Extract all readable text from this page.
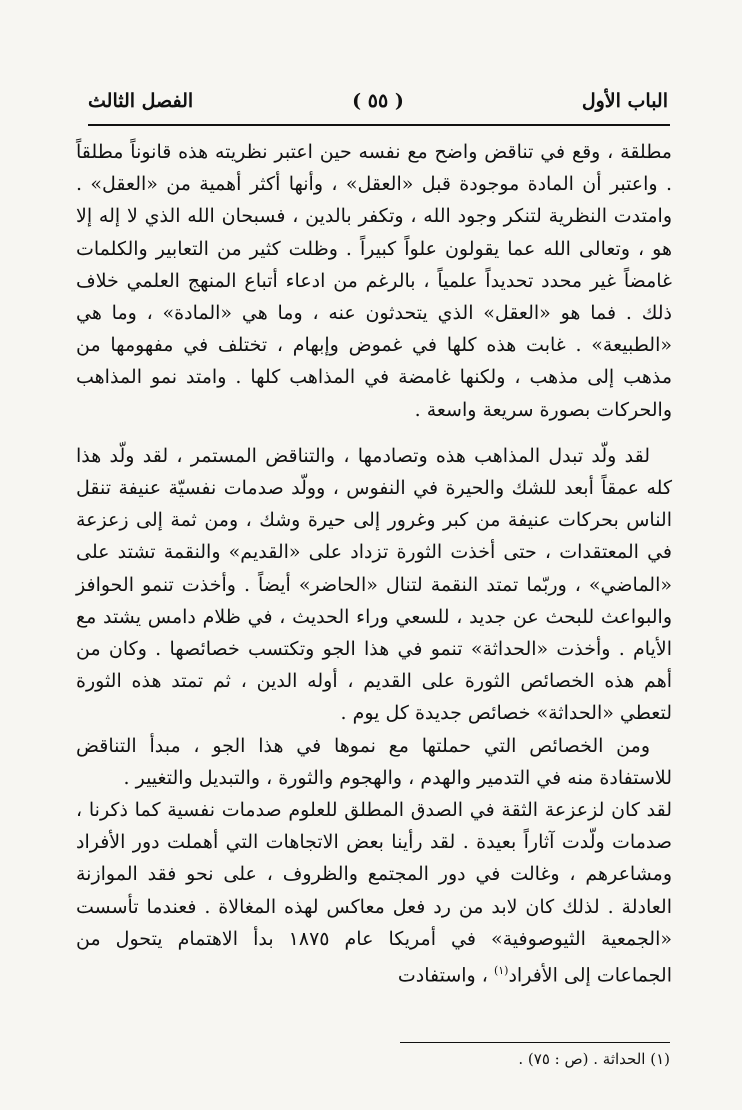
الباب الأول
( ٥٥ )
الفصل الثالث

مطلقة ، وقع في تناقض واضح مع نفسه حين اعتبر نظريته هذه قانوناً مطلقاً . واعتبر أن المادة موجودة قبل «العقل» ، وأنها أكثر أهمية من «العقل» . وامتدت النظرية لتنكر وجود الله ، وتكفر بالدين ، فسبحان الله الذي لا إله إلا هو ، وتعالى الله عما يقولون علواً كبيراً . وظلت كثير من التعابير والكلمات غامضاً غير محدد تحديداً علمياً ، بالرغم من ادعاء أتباع المنهج العلمي خلاف ذلك . فما هو «العقل» الذي يتحدثون عنه ، وما هي «المادة» ، وما هي «الطبيعة» . غابت هذه كلها في غموض وإبهام ، تختلف في مفهومها من مذهب إلى مذهب ، ولكنها غامضة في المذاهب كلها . وامتد نمو المذاهب والحركات بصورة سريعة واسعة .

لقد ولّد تبدل المذاهب هذه وتصادمها ، والتناقض المستمر ، لقد ولّد هذا كله عمقاً أبعد للشك والحيرة في النفوس ، وولّد صدمات نفسيّة عنيفة تنقل الناس بحركات عنيفة من كبر وغرور إلى حيرة وشك ، ومن ثمة إلى زعزعة في المعتقدات ، حتى أخذت الثورة تزداد على «القديم» والنقمة تشتد على «الماضي» ، وربّما تمتد النقمة لتنال «الحاضر» أيضاً . وأخذت تنمو الحوافز والبواعث للبحث عن جديد ، للسعي وراء الحديث ، في ظلام دامس يشتد مع الأيام . وأخذت «الحداثة» تنمو في هذا الجو وتكتسب خصائصها . وكان من أهم هذه الخصائص الثورة على القديم ، أوله الدين ، ثم تمتد هذه الثورة لتعطي «الحداثة» خصائص جديدة كل يوم .

ومن الخصائص التي حملتها مع نموها في هذا الجو ، مبدأ التناقض للاستفادة منه في التدمير والهدم ، والهجوم والثورة ، والتبديل والتغيير .

لقد كان لزعزعة الثقة في الصدق المطلق للعلوم صدمات نفسية كما ذكرنا ، صدمات ولّدت آثاراً بعيدة . لقد رأينا بعض الاتجاهات التي أهملت دور الأفراد ومشاعرهم ، وغالت في دور المجتمع والظروف ، على نحو فقد الموازنة العادلة . لذلك كان لابد من رد فعل معاكس لهذه المغالاة . فعندما تأسست «الجمعية الثيوصوفية» في أمريكا عام ١٨٧٥ بدأ الاهتمام يتحول من الجماعات إلى الأفراد$^{(١)}$ ، واستفادت

(١) الحداثة . (ص : ٧٥) .
